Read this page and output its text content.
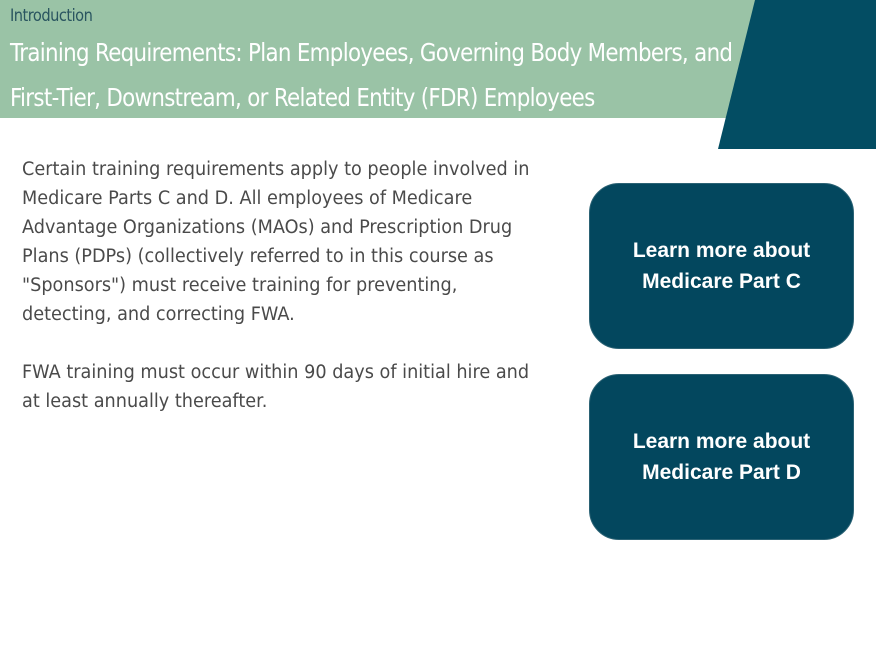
Introduction
Training Requirements: Plan Employees, Governing Body Members, and First-Tier, Downstream, or Related Entity (FDR) Employees

Certain training requirements apply to people involved in Medicare Parts C and D. All employees of Medicare Advantage Organizations (MAOs) and Prescription Drug Plans (PDPs) (collectively referred to in this course as "Sponsors") must receive training for preventing, detecting, and correcting FWA.

FWA training must occur within 90 days of initial hire and at least annually thereafter.

Learn more about Medicare Part C
Learn more about Medicare Part D
